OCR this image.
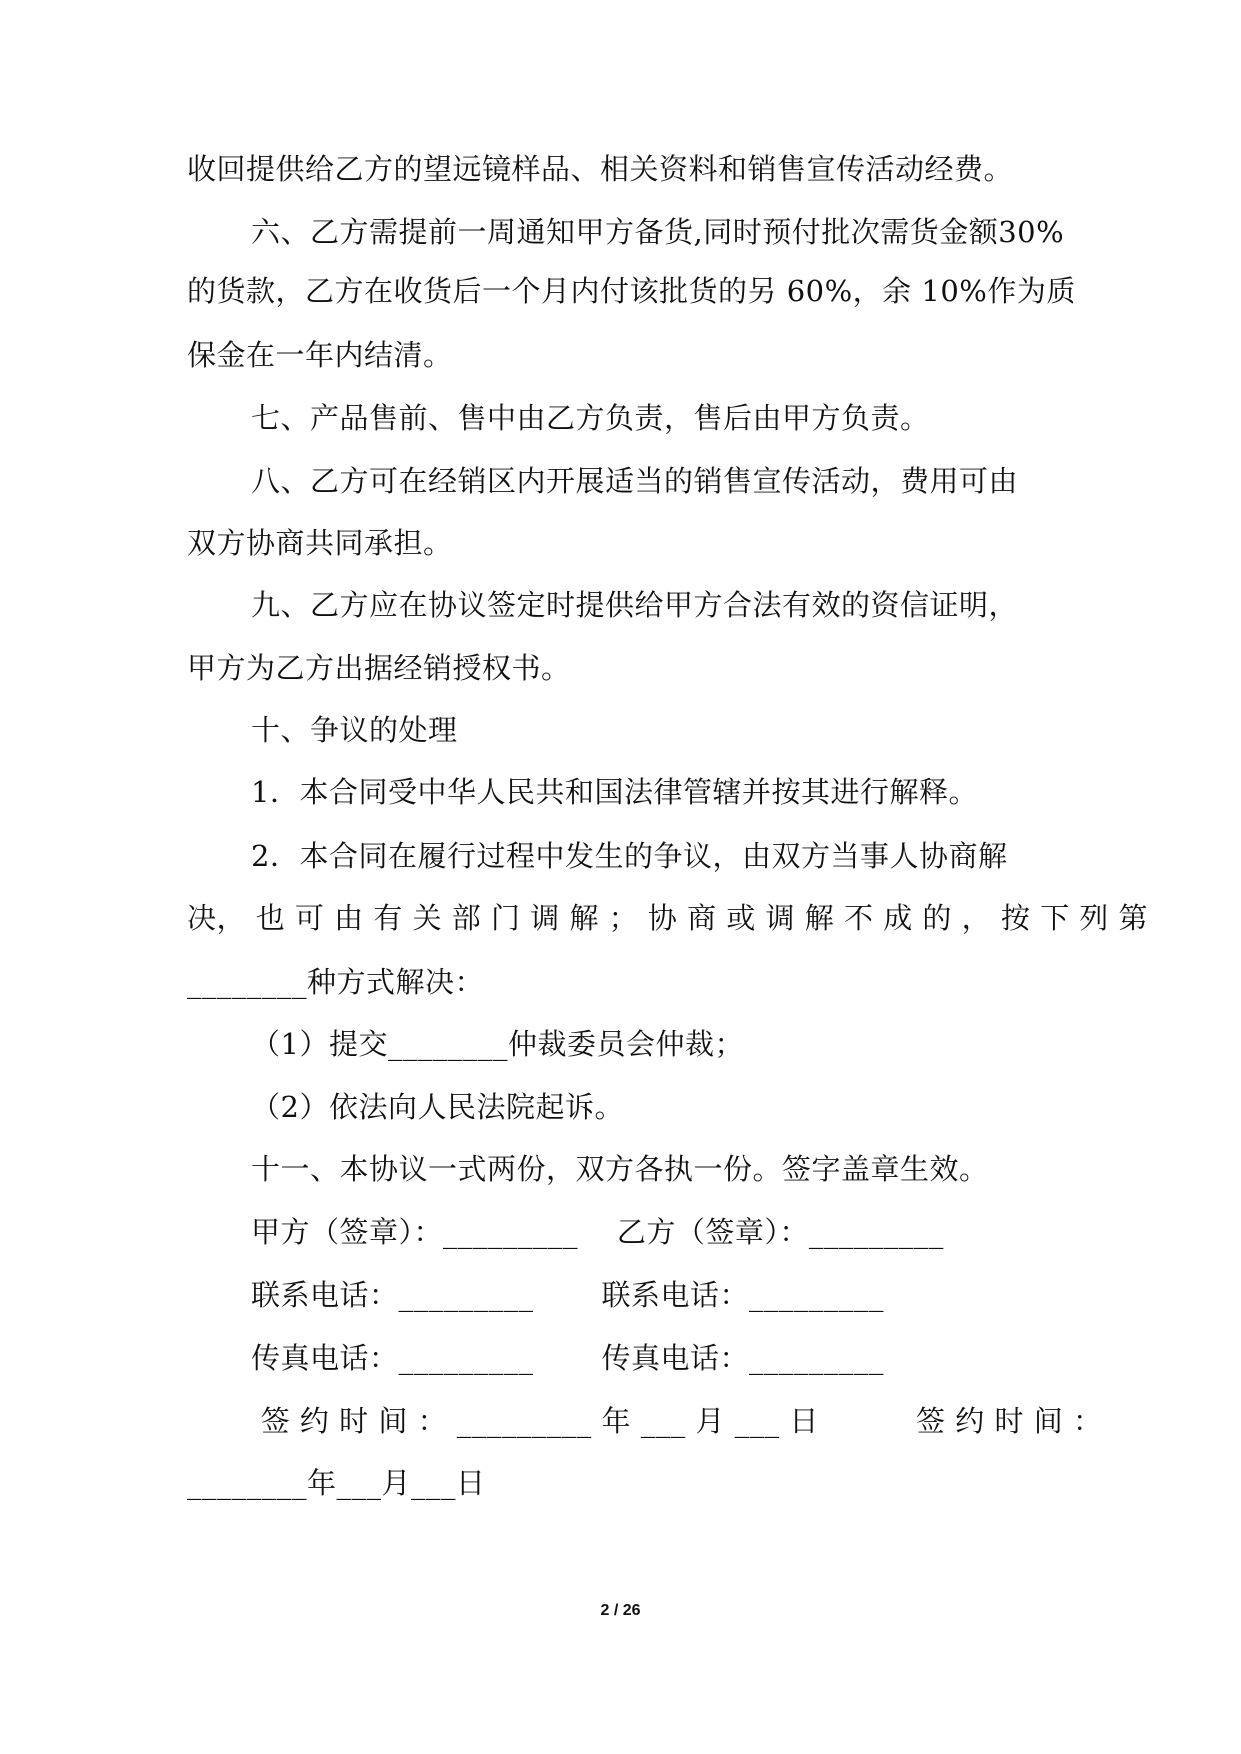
收回提供给乙方的望远镜样品、相关资料和销售宣传活动经费。
六、乙方需提前一周通知甲方备货,同时预付批次需货金额30%
的货款，乙方在收货后一个月内付该批货的另 60%，余 10%作为质
保金在一年内结清。
七、产品售前、售中由乙方负责，售后由甲方负责。
八、乙方可在经销区内开展适当的销售宣传活动，费用可由
双方协商共同承担。
九、乙方应在协议签定时提供给甲方合法有效的资信证明，
甲方为乙方出据经销授权书。
十、争议的处理
1．本合同受中华人民共和国法律管辖并按其进行解释。
2．本合同在履行过程中发生的争议，由双方当事人协商解
决， 也 可 由 有 关 部 门 调 解 ； 协 商 或 调 解 不 成 的 ， 按 下 列 第
________种方式解决：
（1）提交________仲裁委员会仲裁；
（2）依法向人民法院起诉。
十一、本协议一式两份，双方各执一份。签字盖章生效。
甲方（签章）：_________    乙方（签章）：_________
联系电话：_________       联系电话：_________
传真电话：_________       传真电话：_________
签 约 时 间 ： _________ 年 ___ 月 ___ 日          签 约 时 间 ：
________年___月___日
2 / 26
